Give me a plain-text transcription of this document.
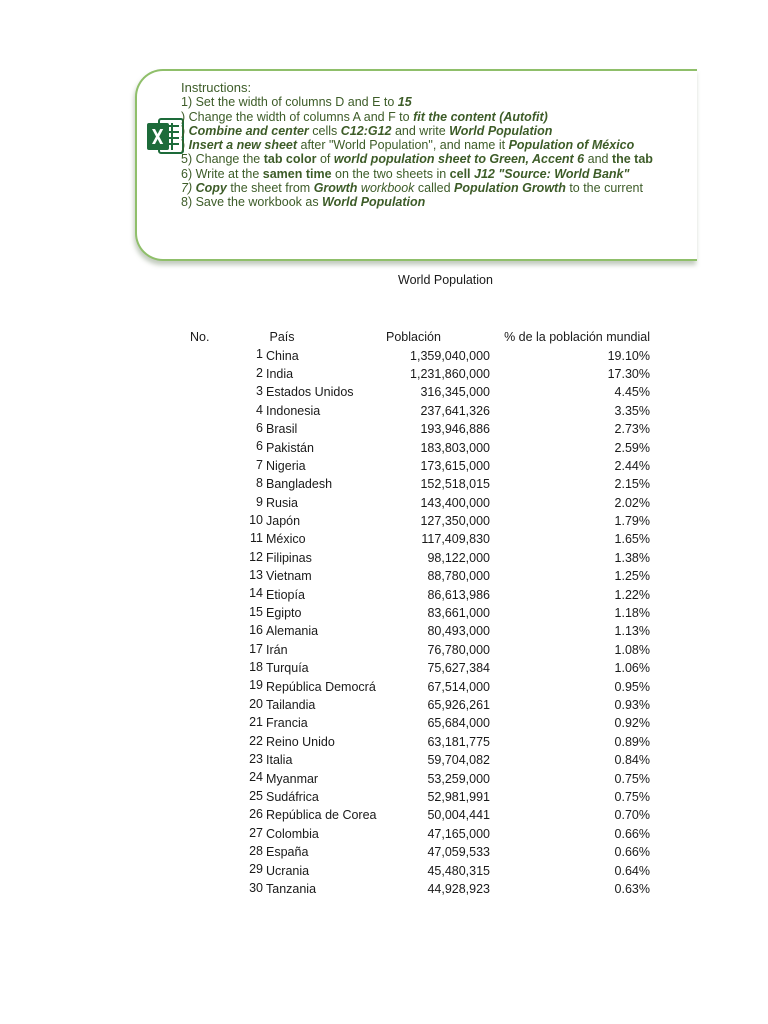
Instructions:
1) Set the width of columns D and E to 15
) Change the width of columns A and F to fit the content (Autofit)
) Combine and center cells C12:G12 and write World Population
) Insert a new sheet after "World Population", and name it Population of México
5) Change the tab color of world population sheet to Green, Accent 6 and the tab
6) Write at the samen time on the two sheets in cell J12 "Source: World Bank"
7) Copy the sheet from Growth workbook called Population Growth to the current
8) Save the workbook as World Population
World Population
No.	País	Población	% de la población mundial

1	China	1,359,040,000	19.10%

2	India	1,231,860,000	17.30%

3	Estados Unidos	316,345,000	4.45%

4	Indonesia	237,641,326	3.35%

6	Brasil	193,946,886	2.73%

6	Pakistán	183,803,000	2.59%

7	Nigeria	173,615,000	2.44%

8	Bangladesh	152,518,015	2.15%

9	Rusia	143,400,000	2.02%

10	Japón	127,350,000	1.79%

11	México	117,409,830	1.65%

12	Filipinas	98,122,000	1.38%

13	Vietnam	88,780,000	1.25%

14	Etiopía	86,613,986	1.22%

15	Egipto	83,661,000	1.18%

16	Alemania	80,493,000	1.13%

17	Irán	76,780,000	1.08%

18	Turquía	75,627,384	1.06%

19	República Democrá	67,514,000	0.95%

20	Tailandia	65,926,261	0.93%

21	Francia	65,684,000	0.92%

22	Reino Unido	63,181,775	0.89%

23	Italia	59,704,082	0.84%

24	Myanmar	53,259,000	0.75%

25	Sudáfrica	52,981,991	0.75%

26	República de Corea	50,004,441	0.70%

27	Colombia	47,165,000	0.66%

28	España	47,059,533	0.66%

29	Ucrania	45,480,315	0.64%

30	Tanzania	44,928,923	0.63%
